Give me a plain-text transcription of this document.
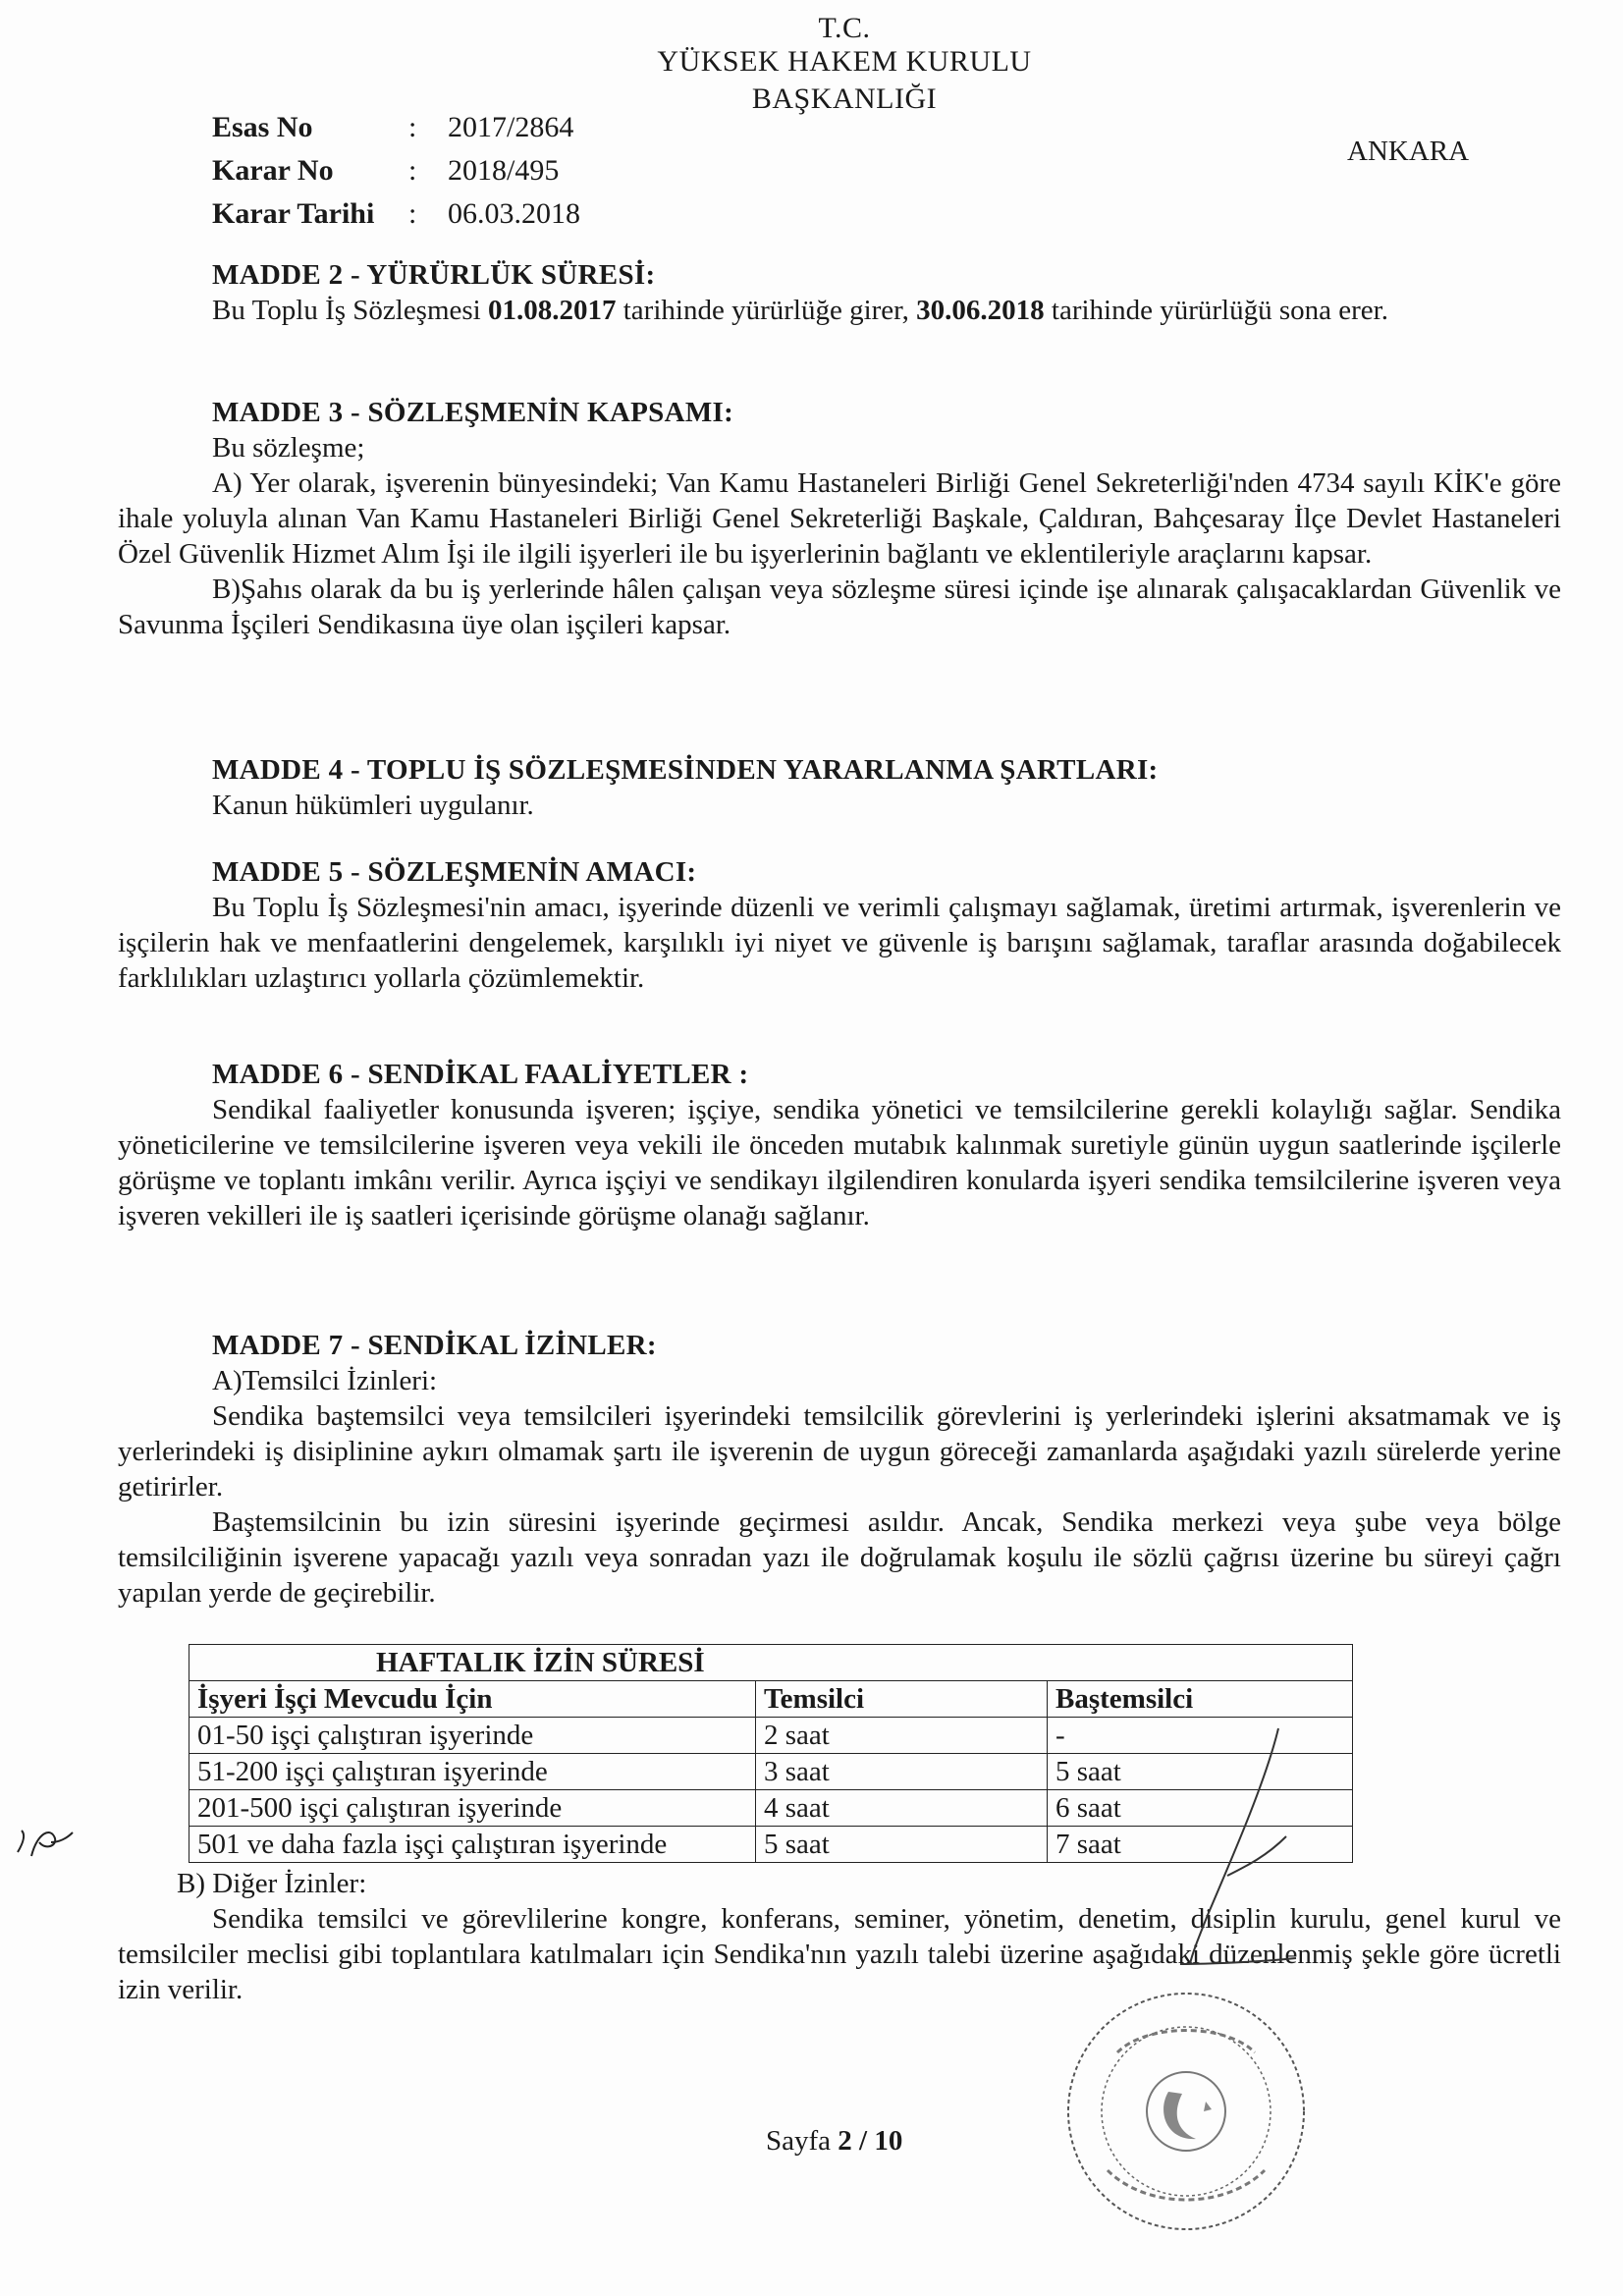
T.C.
YÜKSEK HAKEM KURULU
BAŞKANLIĞI
Esas No	:	2017/2864
Karar No	:	2018/495
Karar Tarihi	:	06.03.2018
ANKARA
MADDE 2 - YÜRÜRLÜK SÜRESİ:
Bu Toplu İş Sözleşmesi 01.08.2017 tarihinde yürürlüğe girer, 30.06.2018 tarihinde yürürlüğü sona erer.
MADDE 3 - SÖZLEŞMENİN KAPSAMI:
Bu sözleşme;
A) Yer olarak, işverenin bünyesindeki; Van Kamu Hastaneleri Birliği Genel Sekreterliği'nden 4734 sayılı KİK'e göre ihale yoluyla alınan Van Kamu Hastaneleri Birliği Genel Sekreterliği Başkale, Çaldıran, Bahçesaray İlçe Devlet Hastaneleri Özel Güvenlik Hizmet Alım İşi ile ilgili işyerleri ile bu işyerlerinin bağlantı ve eklentileriyle araçlarını kapsar.
B)Şahıs olarak da bu iş yerlerinde hâlen çalışan veya sözleşme süresi içinde işe alınarak çalışacaklardan Güvenlik ve Savunma İşçileri Sendikasına üye olan işçileri kapsar.
MADDE 4 - TOPLU İŞ SÖZLEŞMESİNDEN YARARLANMA ŞARTLARI:
Kanun hükümleri uygulanır.
MADDE 5 - SÖZLEŞMENİN AMACI:
Bu Toplu İş Sözleşmesi'nin amacı, işyerinde düzenli ve verimli çalışmayı sağlamak, üretimi artırmak, işverenlerin ve işçilerin hak ve menfaatlerini dengelemek, karşılıklı iyi niyet ve güvenle iş barışını sağlamak, taraflar arasında doğabilecek farklılıkları uzlaştırıcı yollarla çözümlemektir.
MADDE 6 - SENDİKAL FAALİYETLER :
Sendikal faaliyetler konusunda işveren; işçiye, sendika yönetici ve temsilcilerine gerekli kolaylığı sağlar. Sendika yöneticilerine ve temsilcilerine işveren veya vekili ile önceden mutabık kalınmak suretiyle günün uygun saatlerinde işçilerle görüşme ve toplantı imkânı verilir. Ayrıca işçiyi ve sendikayı ilgilendiren konularda işyeri sendika temsilcilerine işveren veya işveren vekilleri ile iş saatleri içerisinde görüşme olanağı sağlanır.
MADDE 7 - SENDİKAL İZİNLER:
A)Temsilci İzinleri:
Sendika baştemsilci veya temsilcileri işyerindeki temsilcilik görevlerini iş yerlerindeki işlerini aksatmamak ve iş yerlerindeki iş disiplinine aykırı olmamak şartı ile işverenin de uygun göreceği zamanlarda aşağıdaki yazılı sürelerde yerine getirirler.
Baştemsilcinin bu izin süresini işyerinde geçirmesi asıldır. Ancak, Sendika merkezi veya şube veya bölge temsilciliğinin işverene yapacağı yazılı veya sonradan yazı ile doğrulamak koşulu ile sözlü çağrısı üzerine bu süreyi çağrı yapılan yerde de geçirebilir.
HAFTALIK İZİN SÜRESİ		
İşyeri İşçi Mevcudu İçin	Temsilci	Baştemsilci
01-50 işçi çalıştıran işyerinde	2 saat	-
51-200 işçi çalıştıran işyerinde	3 saat	5 saat
201-500 işçi çalıştıran işyerinde	4 saat	6 saat
501 ve daha fazla işçi çalıştıran işyerinde	5 saat	7 saat
B) Diğer İzinler:
Sendika temsilci ve görevlilerine kongre, konferans, seminer, yönetim, denetim, disiplin kurulu, genel kurul ve temsilciler meclisi gibi toplantılara katılmaları için Sendika'nın yazılı talebi üzerine aşağıdaki düzenlenmiş şekle göre ücretli izin verilir.
Sayfa 2 / 10
